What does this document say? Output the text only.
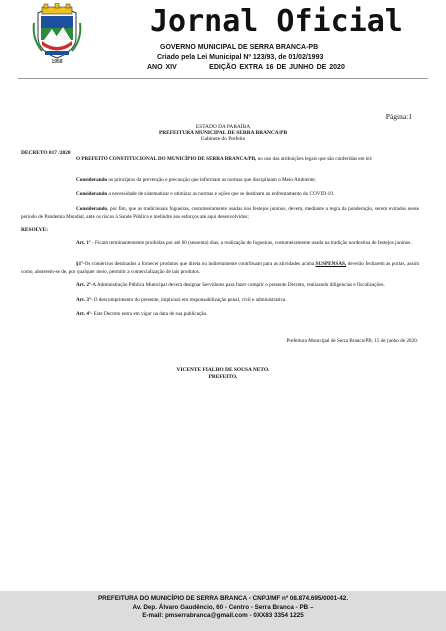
1958
Jornal Oficial
GOVERNO MUNICIPAL DE SERRA BRANCA-PB
Criado pela Lei Municipal Nº 123/93, de 01/02/1993
ANO XIV           EDIÇÃO EXTRA 16 DE JUNHO DE 2020
Página:1
ESTADO DA PARAÍBA
PREFEITURA MUNICIPAL DE SERRA BRANCA/PB
Gabinete do Prefeito
DECRETO 017 /2020
O PREFEITO CONSTITUCIONAL DO MUNICÍPIO DE SERRA BRANCA/PB, no uso das atribuições legais que são conferidas em lei:
Considerando os princípios da prevenção e precaução que informam as normas que disciplinam o Meio Ambiente;
Considerando a necessidade de sistematizar e otimizar as normas e ações que se destinam ao enfrentamento do COVID-19.
Considerando, por fim, que as tradicionais fogueiras, costumeiramente usadas nos festejos juninos, devem, mediante a regra da ponderação, serem evitados nesse período de Pandemia Mundial, ante os riscos à Saúde Pública e melindre aos esforços até aqui desenvolvidos;
RESOLVE:
Art. 1º - Ficam terminantemente proibidas por até 60 (sessenta) dias, a realização de fogueiras, costumeiramente usada na tradição nordestina de festejos juninos.
§1º-Os comércios destinados a fornecer produtos que direta ou indiretamente contribuam para as atividades acima SUSPENSAS, deverão fecharem as portas, assim como, absterem-se de, por qualquer meio, permitir a comercialização de tais produtos.
Art. 2º-A Administração Pública Municipal deverá designar Servidores para fazer cumprir o presente Decreto, realizando diligencias e fiscalizações.
Art. 3º- O descumprimento do presente, implicará em responsabilização penal, civil e administrativa.
Art. 4º- Este Decreto entra em vigor na data de sua publicação.
Prefeitura Municipal de Serra Branca/PB, 15 de junho de 2020.
VICENTE FIALHO DE SOUSA NETO.
PREFEITO.
PREFEITURA DO MUNICÍPIO DE SERRA BRANCA - CNPJ/MF nº 08.874.695/0001-42.
Av. Dep. Álvaro Gaudêncio, 60 - Centro - Serra Branca - PB –
E-mail: pmserrabranca@gmail.com - 0XX83 3354 1225
